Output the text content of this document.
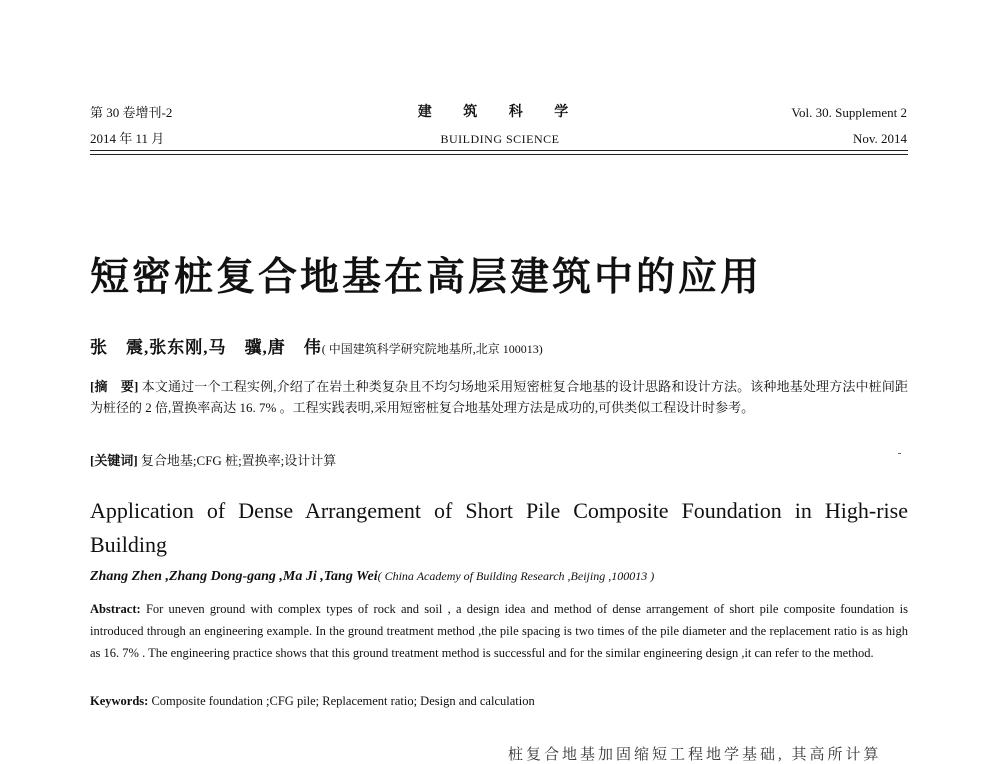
第 30 卷增刊-2
2014 年 11 月
建 筑 科 学
BUILDING SCIENCE
Vol. 30. Supplement 2
Nov. 2014
短密桩复合地基在高层建筑中的应用
张　震,张东刚,马　骥,唐　伟( 中国建筑科学研究院地基所,北京 100013)
[摘　要] 本文通过一个工程实例,介绍了在岩土种类复杂且不均匀场地采用短密桩复合地基的设计思路和设计方法。该种地基处理方法中桩间距为桩径的 2 倍,置换率高达 16. 7% 。工程实践表明,采用短密桩复合地基处理方法是成功的,可供类似工程设计时参考。
[关键词] 复合地基;CFG 桩;置换率;设计计算
Application of Dense Arrangement of Short Pile Composite Foundation in High-rise Building
Zhang Zhen ,Zhang Dong-gang ,Ma Ji ,Tang Wei( China Academy of Building Research ,Beijing ,100013 )
Abstract: For uneven ground with complex types of rock and soil , a design idea and method of dense arrangement of short pile composite foundation is introduced through an engineering example. In the ground treatment method ,the pile spacing is two times of the pile diameter and the replacement ratio is as high as 16. 7% . The engineering practice shows that this ground treatment method is successful and for the similar engineering design ,it can refer to the method.
Keywords: Composite foundation ;CFG pile; Replacement ratio; Design and calculation
桩复合地基加固缩短工程地学基础, 其高所计算
